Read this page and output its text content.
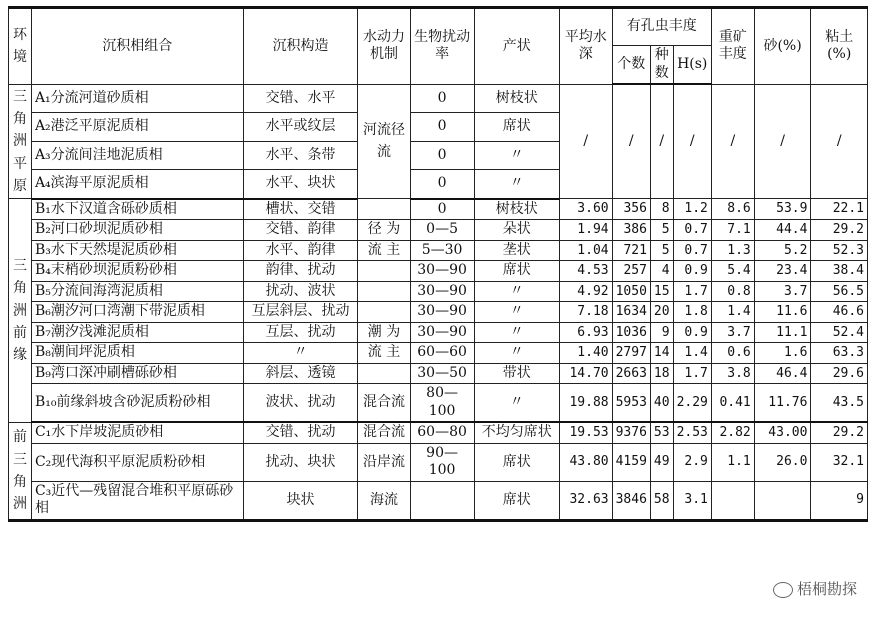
环境	沉积相组合	沉积构造	水动力机制	生物扰动率	产状	平均水深	有孔虫丰度			重矿丰度	砂(%)	粘土(%)
							个数	种数	H(s)			
三角洲平原	A₁分流河道砂质相	交错、水平	河流径流	0	树枝状	/	/	/	/	/	/	/
	A₂港泛平原泥质相	水平或纹层		0	席状							
	A₃分流间洼地泥质相	水平、条带		0	〃							
	A₄滨海平原泥质相	水平、块状		0	〃							
三角洲前缘	B₁水下汉道含砾砂质相	槽状、交错		0	树枝状	3.60	356	8	1.2	8.6	53.9	22.1
	B₂河口砂坝泥质砂相	交错、韵律	径 为	0—5	朵状	1.94	386	5	0.7	7.1	44.4	29.2
	B₃水下天然堤泥质砂相	水平、韵律	流 主	5—30	垄状	1.04	721	5	0.7	1.3	5.2	52.3
	B₄末梢砂坝泥质粉砂相	韵律、扰动		30—90	席状	4.53	257	4	0.9	5.4	23.4	38.4
	B₅分流间海湾泥质相	扰动、波状		30—90	〃	4.92	1050	15	1.7	0.8	3.7	56.5
	B₆潮汐河口湾潮下带泥质相	互层斜层、扰动		30—90	〃	7.18	1634	20	1.8	1.4	11.6	46.6
	B₇潮汐浅滩泥质相	互层、扰动	潮 为	30—90	〃	6.93	1036	9	0.9	3.7	11.1	52.4
	B₈潮间坪泥质相	〃	流 主	60—60	〃	1.40	2797	14	1.4	0.6	1.6	63.3
	B₉湾口深冲刷槽砾砂相	斜层、透镜		30—50	带状	14.70	2663	18	1.7	3.8	46.4	29.6
	B₁₀前缘斜坡含砂泥质粉砂相	波状、扰动	混合流	80—100	〃	19.88	5953	40	2.29	0.41	11.76	43.5
前三角洲	C₁水下岸坡泥质砂相	交错、扰动	混合流	60—80	不均匀席状	19.53	9376	53	2.53	2.82	43.00	29.2
	C₂现代海积平原泥质粉砂相	扰动、块状	沿岸流	90—100	席状	43.80	4159	49	2.9	1.1	26.0	32.1
	C₃近代—残留混合堆积平原砾砂相	块状	海流		席状	32.63	3846	58	3.1			9
梧桐勘探
